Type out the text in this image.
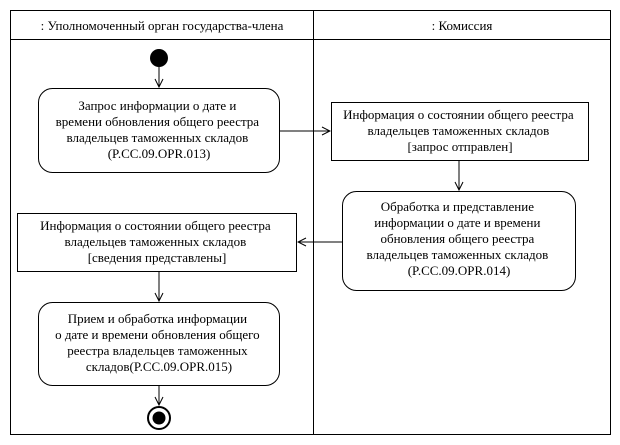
: Уполномоченный орган государства-члена	: Комиссия
Запрос информации о дате и времени обновления общего реестра владельцев таможенных складов (P.CC.09.OPR.013)
Информация о состоянии общего реестра владельцев таможенных складов [запрос отправлен]
Обработка и представление информации о дате и времени обновления общего реестра владельцев таможенных складов (P.CC.09.OPR.014)
Информация о состоянии общего реестра владельцев таможенных складов [сведения представлены]
Прием и обработка информации о дате и времени обновления общего реестра владельцев таможенных складов(P.CC.09.OPR.015)
